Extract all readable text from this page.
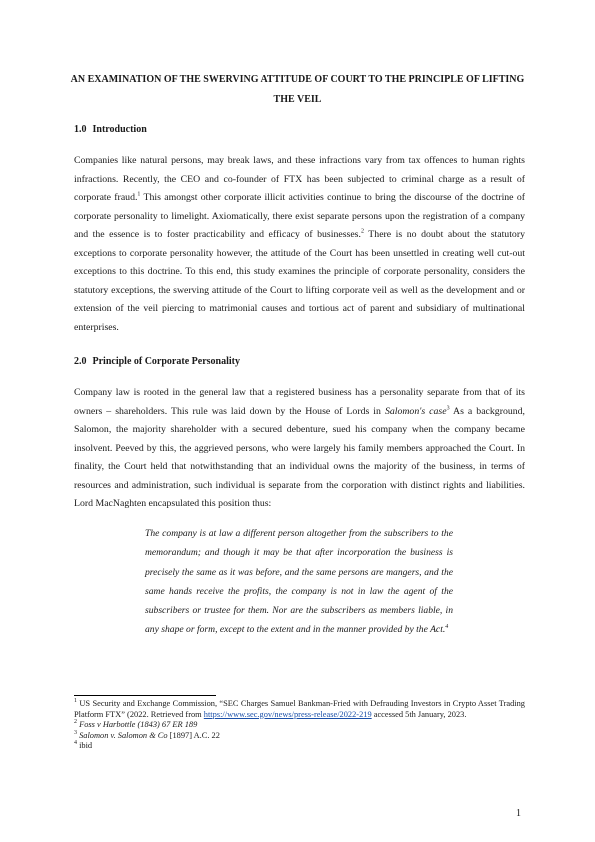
AN EXAMINATION OF THE SWERVING ATTITUDE OF COURT TO THE PRINCIPLE OF LIFTING THE VEIL
1.0 Introduction

Companies like natural persons, may break laws, and these infractions vary from tax offences to human rights infractions. Recently, the CEO and co-founder of FTX has been subjected to criminal charge as a result of corporate fraud.$^1$ This amongst other corporate illicit activities continue to bring the discourse of the doctrine of corporate personality to limelight. Axiomatically, there exist separate persons upon the registration of a company and the essence is to foster practicability and efficacy of businesses.$^2$ There is no doubt about the statutory exceptions to corporate personality however, the attitude of the Court has been unsettled in creating well cut-out exceptions to this doctrine. To this end, this study examines the principle of corporate personality, considers the statutory exceptions, the swerving attitude of the Court to lifting corporate veil as well as the development and or extension of the veil piercing to matrimonial causes and tortious act of parent and subsidiary of multinational enterprises.

2.0 Principle of Corporate Personality

Company law is rooted in the general law that a registered business has a personality separate from that of its owners – shareholders. This rule was laid down by the House of Lords in Salomon's case$^3$ As a background, Salomon, the majority shareholder with a secured debenture, sued his company when the company became insolvent. Peeved by this, the aggrieved persons, who were largely his family members approached the Court. In finality, the Court held that notwithstanding that an individual owns the majority of the business, in terms of resources and administration, such individual is separate from the corporation with distinct rights and liabilities. Lord MacNaghten encapsulated this position thus:

The company is at law a different person altogether from the subscribers to the memorandum; and though it may be that after incorporation the business is precisely the same as it was before, and the same persons are mangers, and the same hands receive the profits, the company is not in law the agent of the subscribers or trustee for them. Nor are the subscribers as members liable, in any shape or form, except to the extent and in the manner provided by the Act.$^4$

$^1$ US Security and Exchange Commission, “SEC Charges Samuel Bankman-Fried with Defrauding Investors in Crypto Asset Trading Platform FTX” (2022. Retrieved from https://www.sec.gov/news/press-release/2022-219 accessed 5th January, 2023.

$^2$ Foss v Harbottle (1843) 67 ER 189

$^3$ Salomon v. Salomon & Co [1897] A.C. 22

$^4$ ibid

1
